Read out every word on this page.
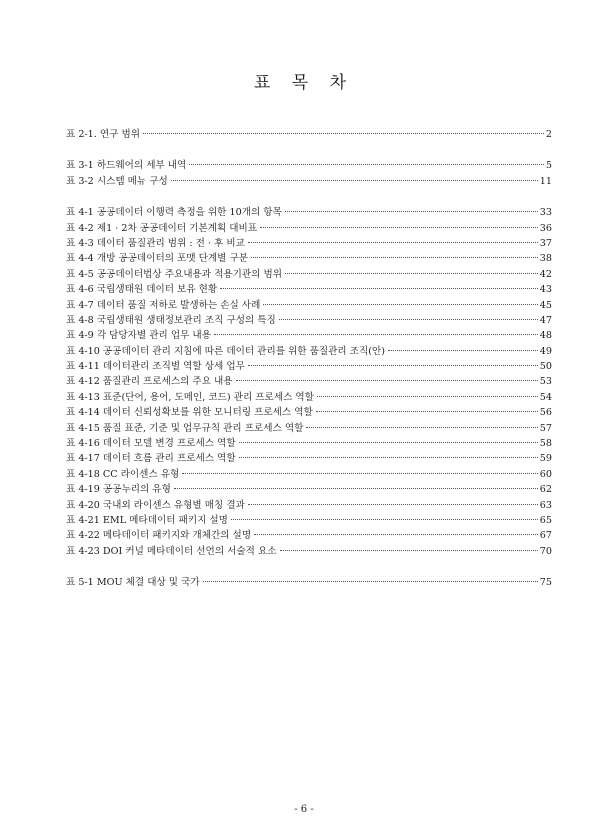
표 목 차
표 2-1. 연구 범위	2
표 3-1 하드웨어의 세부 내역	5
표 3-2 시스템 메뉴 구성	11
표 4-1 공공데이터 이행력 측정을 위한 10개의 항목	33
표 4-2 제1 · 2차 공공데이터 기본계획 대비표	36
표 4-3 데이터 품질관리 범위 : 전 · 후 비교	37
표 4-4 개방 공공데이터의 포맷 단계별 구분	38
표 4-5 공공데이터법상 주요내용과 적용기관의 범위	42
표 4-6 국립생태원 데이터 보유 현황	43
표 4-7 데이터 품질 저하로 발생하는 손실 사례	45
표 4-8 국립생태원 생태정보관리 조직 구성의 특징	47
표 4-9 각 담당자별 관리 업무 내용	48
표 4-10 공공데이터 관리 지침에 따른 데이터 관리를 위한 품질관리 조직(안)	49
표 4-11 데이터관리 조직별 역할 상세 업무	50
표 4-12 품질관리 프로세스의 주요 내용	53
표 4-13 표준(단어, 용어, 도메인, 코드) 관리 프로세스 역할	54
표 4-14 데이터 신뢰성확보를 위한 모니터링 프로세스 역할	56
표 4-15 품질 표준, 기준 및 업무규칙 관리 프로세스 역할	57
표 4-16 데이터 모델 변경 프로세스 역할	58
표 4-17 데이터 흐름 관리 프로세스 역할	59
표 4-18 CC 라이센스 유형	60
표 4-19 공공누리의 유형	62
표 4-20 국내외 라이센스 유형별 매칭 결과	63
표 4-21 EML 메타데이터 패키지 설명	65
표 4-22 메타데이터 패키지와 개체간의 설명	67
표 4-23 DOI 커널 메타데이터 선언의 서술적 요소	70
표 5-1 MOU 체결 대상 및 국가	75
- 6 -
